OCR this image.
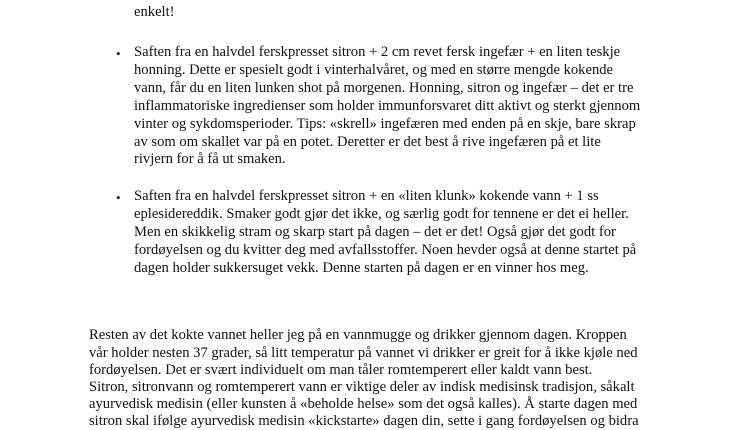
enkelt!
• Saften fra en halvdel ferskpresset sitron + 2 cm revet fersk ingefær + en liten teskje
honning. Dette er spesielt godt i vinterhalvåret, og med en større mengde kokende
vann, får du en liten lunken shot på morgenen. Honning, sitron og ingefær – det er tre
inflammatoriske ingredienser som holder immunforsvaret ditt aktivt og sterkt gjennom
vinter og sykdomsperioder. Tips: «skrell» ingefæren med enden på en skje, bare skrap
av som om skallet var på en potet. Deretter er det best å rive ingefæren på et lite
rivjern for å få ut smaken.
• Saften fra en halvdel ferskpresset sitron + en «liten klunk» kokende vann + 1 ss
eplesidereddik. Smaker godt gjør det ikke, og særlig godt for tennene er det ei heller.
Men en skikkelig stram og skarp start på dagen – det er det! Også gjør det godt for
fordøyelsen og du kvitter deg med avfallsstoffer. Noen hevder også at denne startet på
dagen holder sukkersuget vekk. Denne starten på dagen er en vinner hos meg.
Resten av det kokte vannet heller jeg på en vannmugge og drikker gjennom dagen. Kroppen
vår holder nesten 37 grader, så litt temperatur på vannet vi drikker er greit for å ikke kjøle ned
fordøyelsen. Det er svært individuelt om man tåler romtemperert eller kaldt vann best.
Sitron, sitronvann og romtemperert vann er viktige deler av indisk medisinsk tradisjon, såkalt
ayurvedisk medisin (eller kunsten å «beholde helse» som det også kalles). Å starte dagen med
sitron skal ifølge ayurvedisk medisin «kickstarte» dagen din, sette i gang fordøyelsen og bidra
